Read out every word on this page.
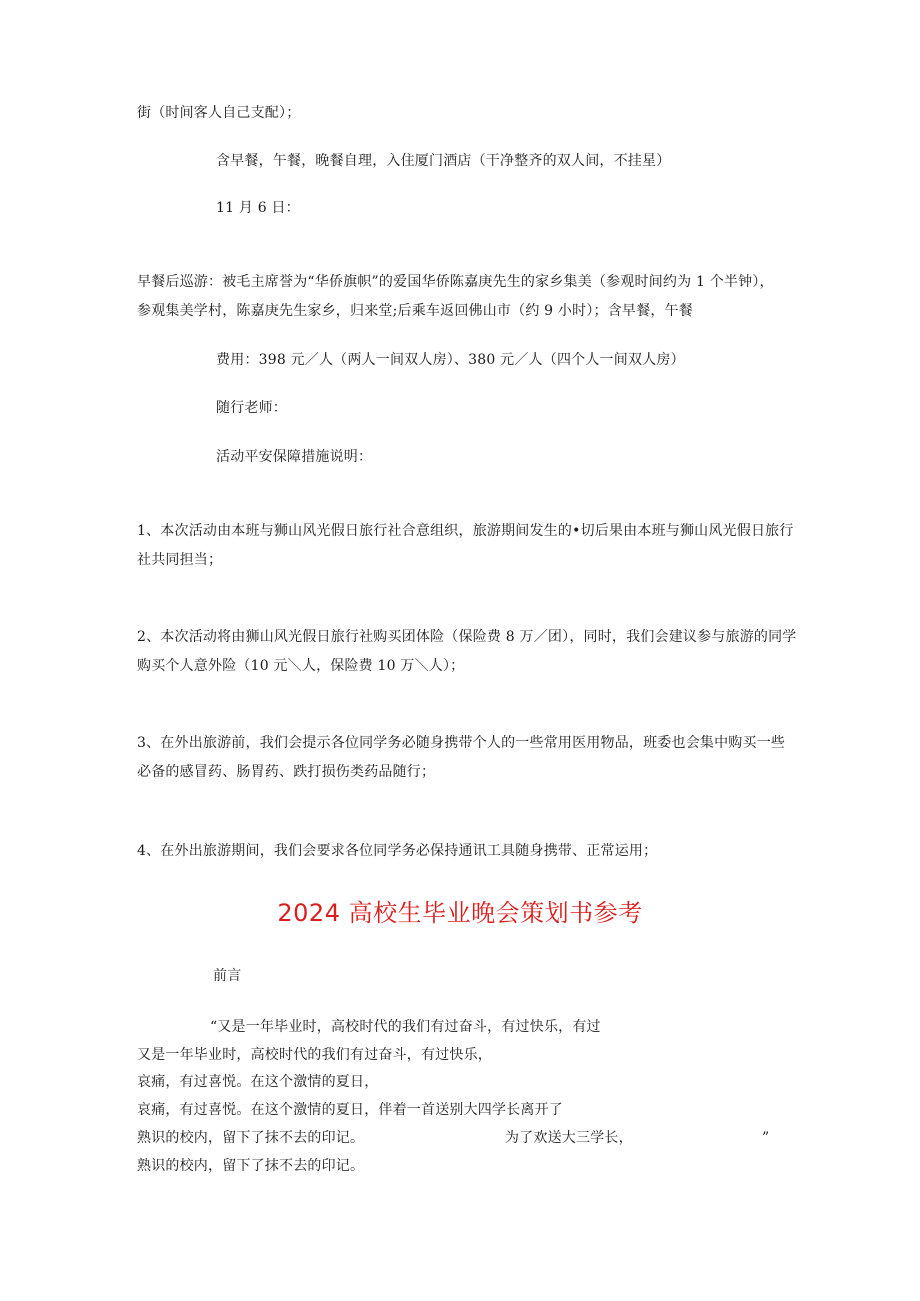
街（时间客人自己支配）；
含早餐，午餐，晚餐自理，入住厦门酒店（干净整齐的双人间，不挂星）
11 月 6 日：
早餐后巡游：被毛主席誉为“华侨旗帜”的爱国华侨陈嘉庚先生的家乡集美（参观时间约为 1 个半钟），
参观集美学村，陈嘉庚先生家乡，归来堂;后乘车返回佛山市（约 9 小时）；含早餐，午餐
费用：398 元／人（两人一间双人房）、380 元／人（四个人一间双人房）
随行老师：
活动平安保障措施说明：
1、本次活动由本班与狮山风光假日旅行社合意组织，旅游期间发生的•切后果由本班与狮山风光假日旅行
社共同担当；
2、本次活动将由狮山风光假日旅行社购买团体险（保险费 8 万／团），同时，我们会建议参与旅游的同学
购买个人意外险（10 元＼人，保险费 10 万＼人）；
3、在外出旅游前，我们会提示各位同学务必随身携带个人的一些常用医用物品，班委也会集中购买一些
必备的感冒药、肠胃药、跌打损伤类药品随行；
4、在外出旅游期间，我们会要求各位同学务必保持通讯工具随身携带、正常运用；
2024 高校生毕业晚会策划书参考
前言
“又是一年毕业时，高校时代的我们有过奋斗，有过快乐，有过
又是一年毕业时，高校时代的我们有过奋斗，有过快乐，
哀痛，有过喜悦。在这个激情的夏日，
哀痛，有过喜悦。在这个激情的夏日，伴着一首送别大四学长离开了
熟识的校内，留下了抹不去的印记。	为了欢送大三学长，	”
熟识的校内，留下了抹不去的印记。
